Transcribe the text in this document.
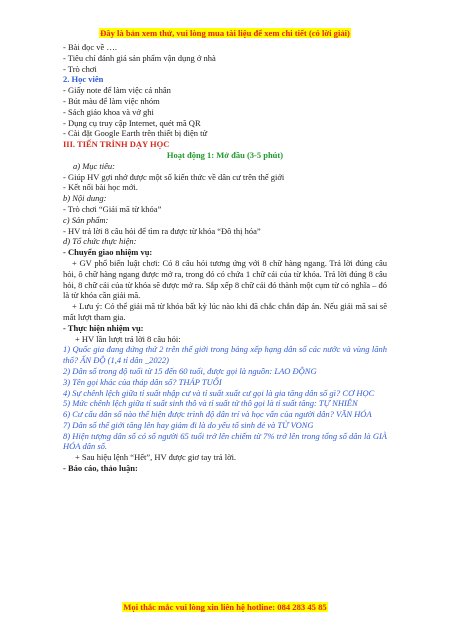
Đây là bản xem thử, vui lòng mua tài liệu để xem chi tiết (có lời giải)
- Bài đọc về ….
- Tiêu chí đánh giá sản phẩm vận dụng ở nhà
- Trò chơi
2. Học viên
- Giấy note để làm việc cá nhân
- Bút màu để làm việc nhóm
- Sách giáo khoa và vở ghi
- Dụng cụ truy cập Internet, quét mã QR
- Cài đặt Google Earth trên thiết bị điện tử
III. TIẾN TRÌNH DẠY HỌC
Hoạt động 1: Mở đầu (3-5 phút)
a) Mục tiêu:
- Giúp HV gợi nhớ được một số kiến thức về dân cư trên thế giới
- Kết nối bài học mới.
b) Nội dung:
- Trò chơi “Giải mã từ khóa”
c) Sản phẩm:
- HV trả lời 8 câu hỏi để tìm ra được từ khóa “Đô thị hóa”
d) Tổ chức thực hiện:
- Chuyển giao nhiệm vụ:
+ GV phổ biến luật chơi: Có 8 câu hỏi tương ứng với 8 chữ hàng ngang. Trả lời đúng câu hỏi, ô chữ hàng ngang được mở ra, trong đó có chứa 1 chữ cái của từ khóa. Trả lời đúng 8 câu hỏi, 8 chữ cái của từ khóa sẽ được mở ra. Sắp xếp 8 chữ cái đó thành một cụm từ có nghĩa – đó là từ khóa cần giải mã.
+ Lưu ý: Có thể giải mã từ khóa bất kỳ lúc nào khi đã chắc chắn đáp án. Nếu giải mã sai sẽ mất lượt tham gia.
- Thực hiện nhiệm vụ:
+ HV lần lượt trả lời 8 câu hỏi:
1) Quốc gia đang đứng thứ 2 trên thế giới trong bảng xếp hạng dân số các nước và vùng lãnh thổ? ẤN ĐỘ (1,4 tỉ dân _2022)
2) Dân số trong độ tuổi từ 15 đến 60 tuổi, được gọi là nguồn: LAO ĐỘNG
3) Tên gọi khác của tháp dân số? THÁP TUỔI
4) Sự chênh lệch giữa tỉ suất nhập cư và tỉ suất xuất cư gọi là gia tăng dân số gì? CƠ HỌC
5) Mức chênh lệch giữa tỉ suất sinh thô và tỉ suất tử thô gọi là tỉ suất tăng: TỰ NHIÊN
6) Cư cấu dân số nào thể hiện được trình độ dân trí và học vấn của người dân? VĂN HÓA
7) Dân số thế giới tăng lên hay giảm đi là do yếu tố sinh đẻ và TỬ VONG
8) Hiện tượng dân số có số người 65 tuổi trở lên chiếm từ 7% trở lên trong tổng số dân là GIÀ HÓA dân số.
+ Sau hiệu lệnh “Hết”, HV được giơ tay trả lời.
- Báo cáo, thảo luận:
Mọi thắc mắc vui lòng xin liên hệ hotline: 084 283 45 85
